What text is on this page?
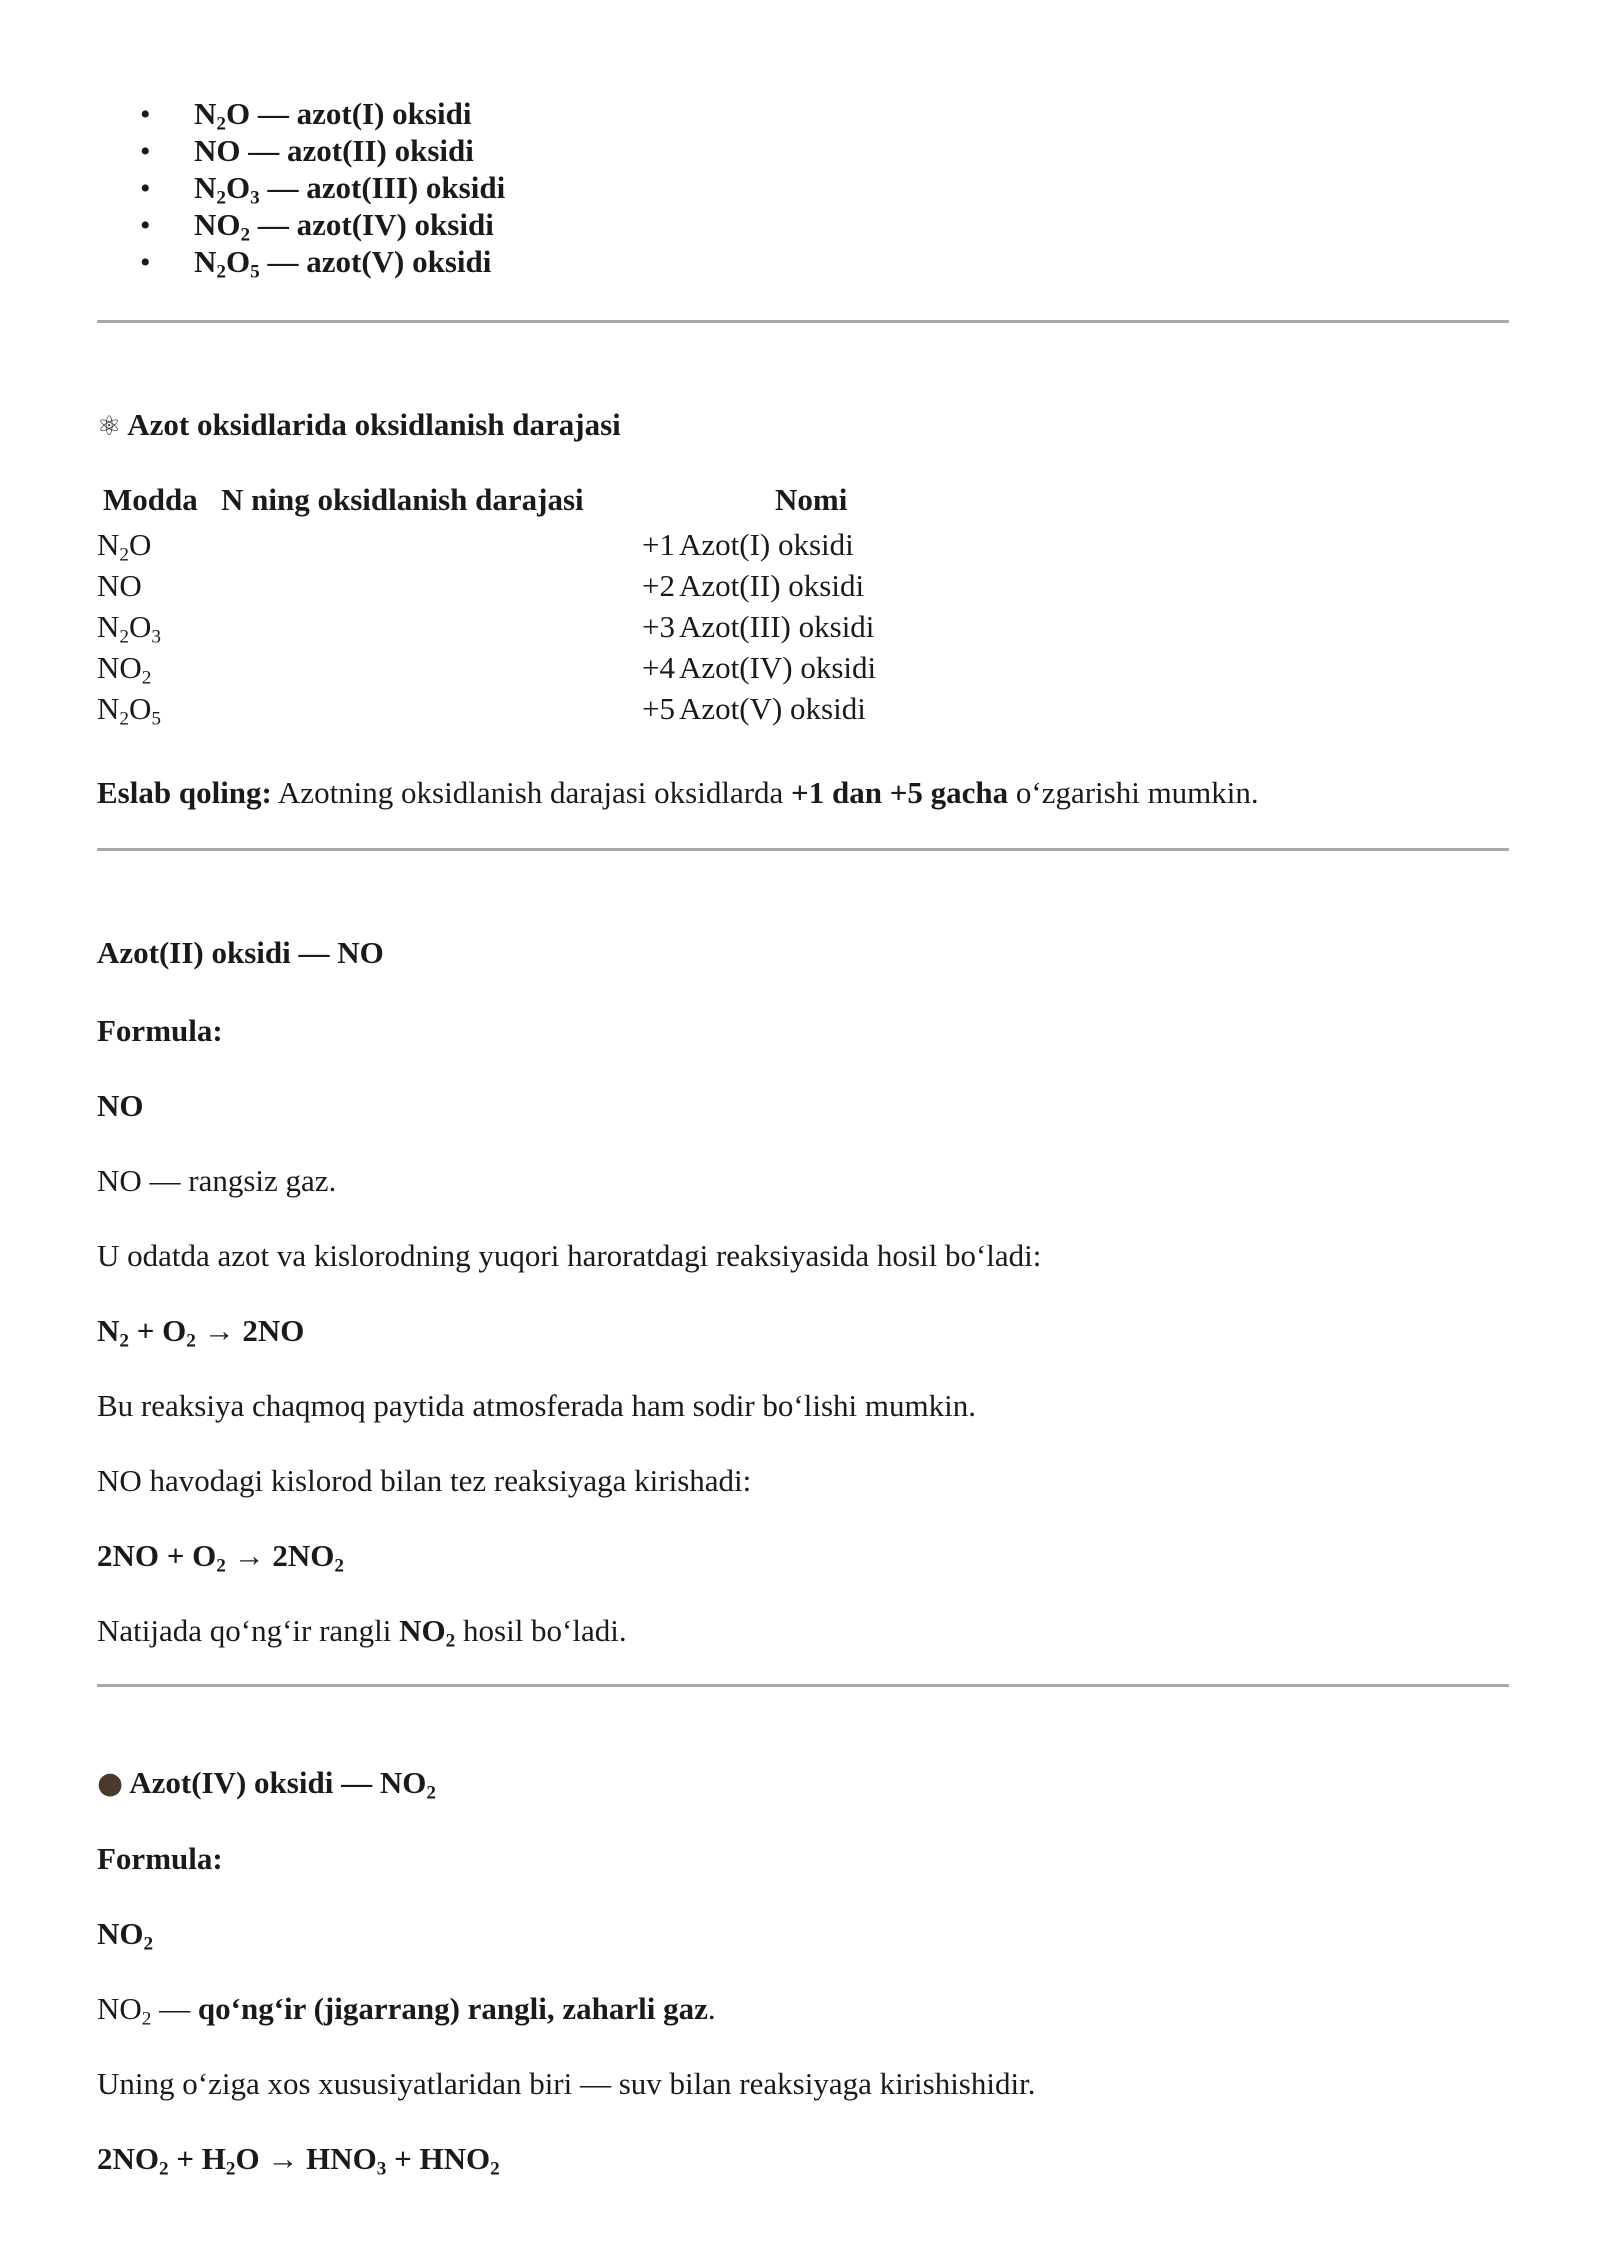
• $N_2O$ — azot(I) oksidi
• NO — azot(II) oksidi
• $N_2O_3$ — azot(III) oksidi
• $NO_2$ — azot(IV) oksidi
• $N_2O_5$ — azot(V) oksidi
⚛ Azot oksidlarida oksidlanish darajasi
Modda	N ning oksidlanish darajasi	Nomi
$N_2O$	+1	Azot(I) oksidi
NO	+2	Azot(II) oksidi
$N_2O_3$	+3	Azot(III) oksidi
$NO_2$	+4	Azot(IV) oksidi
$N_2O_5$	+5	Azot(V) oksidi
Eslab qoling: Azotning oksidlanish darajasi oksidlarda +1 dan +5 gacha o‘zgarishi mumkin.
Azot(II) oksidi — NO
Formula:
NO
NO — rangsiz gaz.
U odatda azot va kislorodning yuqori haroratdagi reaksiyasida hosil bo‘ladi:
$N_2 + O_2 \to 2NO$
Bu reaksiya chaqmoq paytida atmosferada ham sodir bo‘lishi mumkin.
NO havodagi kislorod bilan tez reaksiyaga kirishadi:
$2NO + O_2 \to 2NO_2$
Natijada qo‘ng‘ir rangli $NO_2$ hosil bo‘ladi.
● Azot(IV) oksidi — $NO_2$
Formula:
$NO_2$
$NO_2$ — qo‘ng‘ir (jigarrang) rangli, zaharli gaz.
Uning o‘ziga xos xususiyatlaridan biri — suv bilan reaksiyaga kirishishidir.
$2NO_2 + H_2O \to HNO_3 + HNO_2$
